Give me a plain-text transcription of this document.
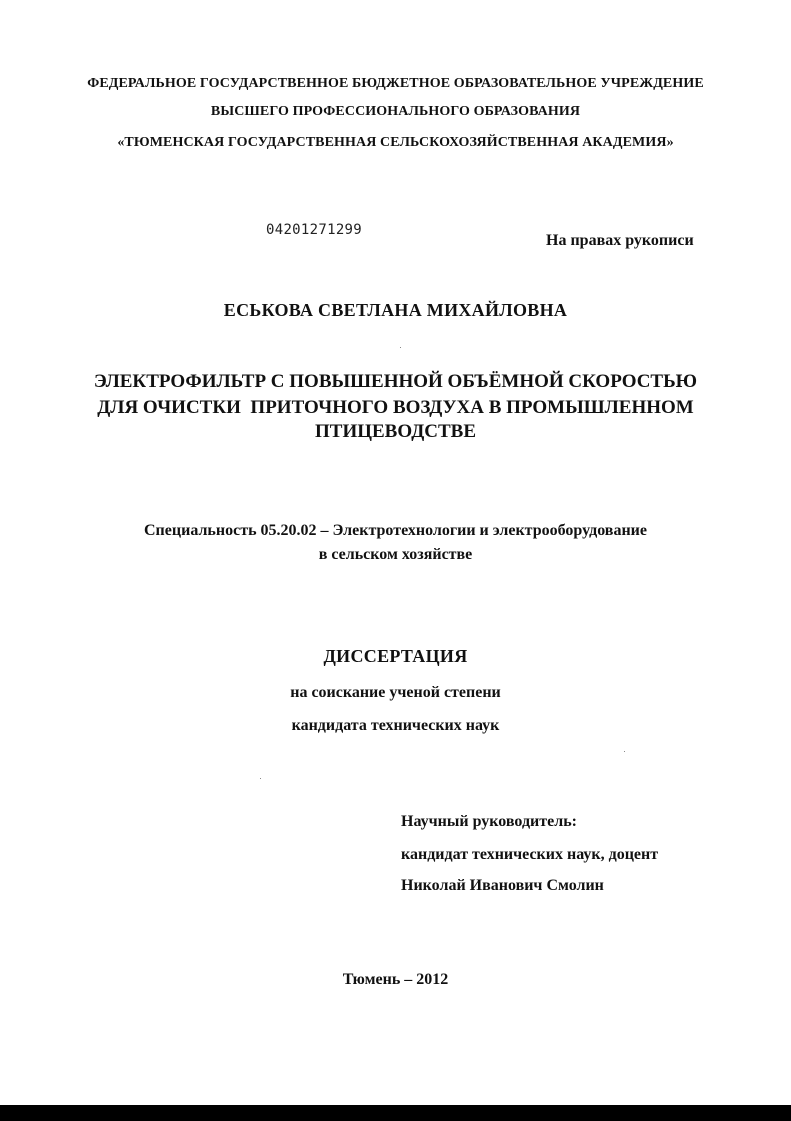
ФЕДЕРАЛЬНОЕ ГОСУДАРСТВЕННОЕ БЮДЖЕТНОЕ ОБРАЗОВАТЕЛЬНОЕ УЧРЕЖДЕНИЕ
ВЫСШЕГО ПРОФЕССИОНАЛЬНОГО ОБРАЗОВАНИЯ
«ТЮМЕНСКАЯ ГОСУДАРСТВЕННАЯ СЕЛЬСКОХОЗЯЙСТВЕННАЯ АКАДЕМИЯ»
04201271299
На правах рукописи
ЕСЬКОВА СВЕТЛАНА МИХАЙЛОВНА
ЭЛЕКТРОФИЛЬТР С ПОВЫШЕННОЙ ОБЪЁМНОЙ СКОРОСТЬЮ
ДЛЯ ОЧИСТКИ  ПРИТОЧНОГО ВОЗДУХА В ПРОМЫШЛЕННОМ
ПТИЦЕВОДСТВЕ
Специальность 05.20.02 – Электротехнологии и электрооборудование
в сельском хозяйстве
ДИССЕРТАЦИЯ
на соискание ученой степени
кандидата технических наук
Научный руководитель:
кандидат технических наук, доцент
Николай Иванович Смолин
Тюмень – 2012
